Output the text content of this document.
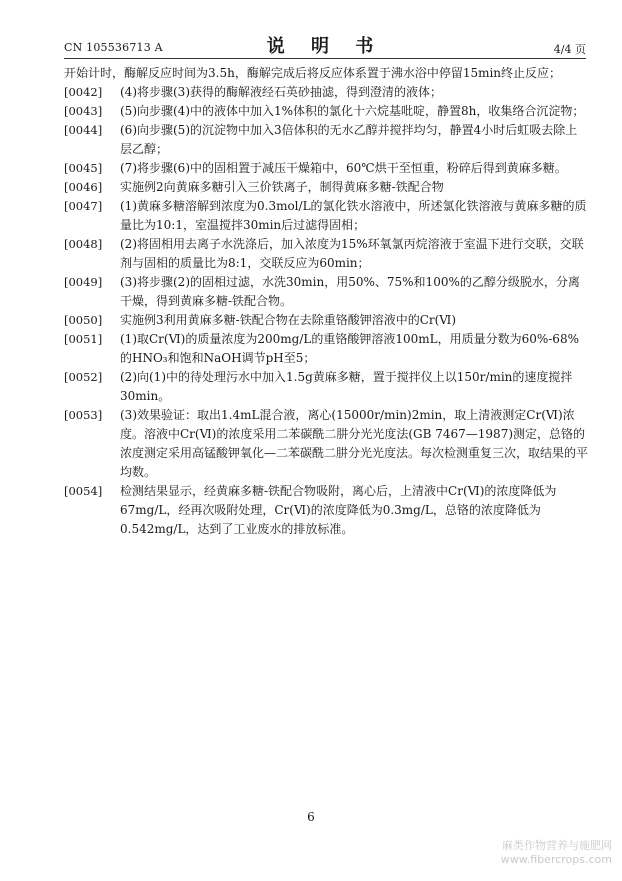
CN 105536713 A	说 明 书	4/4 页

开始计时，酶解反应时间为3.5h，酶解完成后将反应体系置于沸水浴中停留15min终止反应；

[0042]	(4)将步骤(3)获得的酶解液经石英砂抽滤，得到澄清的液体；

[0043]	(5)向步骤(4)中的液体中加入1%体积的氯化十六烷基吡啶，静置8h，收集络合沉淀物；

[0044]	(6)向步骤(5)的沉淀物中加入3倍体积的无水乙醇并搅拌均匀，静置4小时后虹吸去除上层乙醇；

[0045]	(7)将步骤(6)中的固相置于减压干燥箱中，60℃烘干至恒重，粉碎后得到黄麻多糖。

[0046]	实施例2向黄麻多糖引入三价铁离子，制得黄麻多糖-铁配合物

[0047]	(1)黄麻多糖溶解到浓度为0.3mol/L的氯化铁水溶液中，所述氯化铁溶液与黄麻多糖的质量比为10:1，室温搅拌30min后过滤得固相；

[0048]	(2)将固相用去离子水洗涤后，加入浓度为15%环氧氯丙烷溶液于室温下进行交联，交联剂与固相的质量比为8:1，交联反应为60min；

[0049]	(3)将步骤(2)的固相过滤，水洗30min，用50%、75%和100%的乙醇分级脱水，分离干燥，得到黄麻多糖-铁配合物。

[0050]	实施例3利用黄麻多糖-铁配合物在去除重铬酸钾溶液中的Cr(Ⅵ)

[0051]	(1)取Cr(Ⅵ)的质量浓度为200mg/L的重铬酸钾溶液100mL，用质量分数为60%-68%的HNO₃和饱和NaOH调节pH至5；

[0052]	(2)向(1)中的待处理污水中加入1.5g黄麻多糖，置于搅拌仪上以150r/min的速度搅拌30min。

[0053]	(3)效果验证：取出1.4mL混合液，离心(15000r/min)2min，取上清液测定Cr(Ⅵ)浓度。溶液中Cr(Ⅵ)的浓度采用二苯碳酰二肼分光光度法(GB 7467—1987)测定，总铬的浓度测定采用高锰酸钾氧化—二苯碳酰二肼分光光度法。每次检测重复三次，取结果的平均数。

[0054]	检测结果显示，经黄麻多糖-铁配合物吸附，离心后，上清液中Cr(Ⅵ)的浓度降低为67mg/L，经再次吸附处理，Cr(Ⅵ)的浓度降低为0.3mg/L，总铬的浓度降低为0.542mg/L，达到了工业废水的排放标准。

6
麻类作物营养与施肥网
www.fibercrops.com
